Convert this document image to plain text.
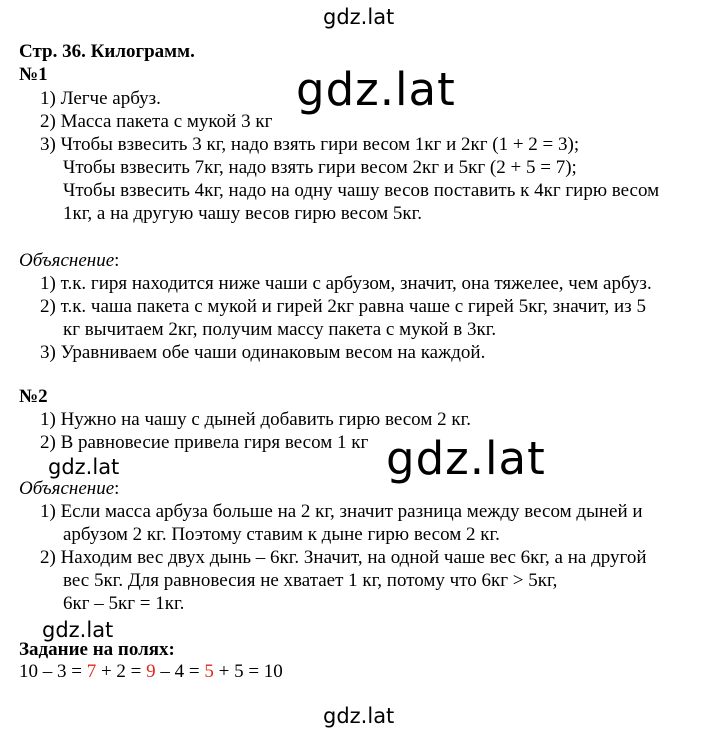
gdz.lat
gdz.lat
gdz.lat	gdz.lat
gdz.lat
gdz.lat
Стр. 36. Килограмм.
№1
1) Легче арбуз.
2) Масса пакета с мукой 3 кг
3) Чтобы взвесить 3 кг, надо взять гири весом 1кг и 2кг (1 + 2 = 3);
Чтобы взвесить 7кг, надо взять гири весом 2кг и 5кг (2 + 5 = 7);
Чтобы взвесить 4кг, надо на одну чашу весов поставить к 4кг гирю весом
1кг, а на другую чашу весов гирю весом 5кг.
Объяснение:
1) т.к. гиря находится ниже чаши с арбузом, значит, она тяжелее, чем арбуз.
2) т.к. чаша пакета с мукой и гирей 2кг равна чаше с гирей 5кг, значит, из 5
кг вычитаем 2кг, получим массу пакета с мукой в 3кг.
3) Уравниваем обе чаши одинаковым весом на каждой.
№2
1) Нужно на чашу с дыней добавить гирю весом 2 кг.
2) В равновесие привела гиря весом 1 кг
Объяснение:
1) Если масса арбуза больше на 2 кг, значит разница между весом дыней и
арбузом 2 кг. Поэтому ставим к дыне гирю весом 2 кг.
2) Находим вес двух дынь – 6кг. Значит, на одной чаше вес 6кг, а на другой
вес 5кг. Для равновесия не хватает 1 кг, потому что 6кг > 5кг,
6кг – 5кг = 1кг.
Задание на полях:
10 – 3 = 7 + 2 = 9 – 4 = 5 + 5 = 10
